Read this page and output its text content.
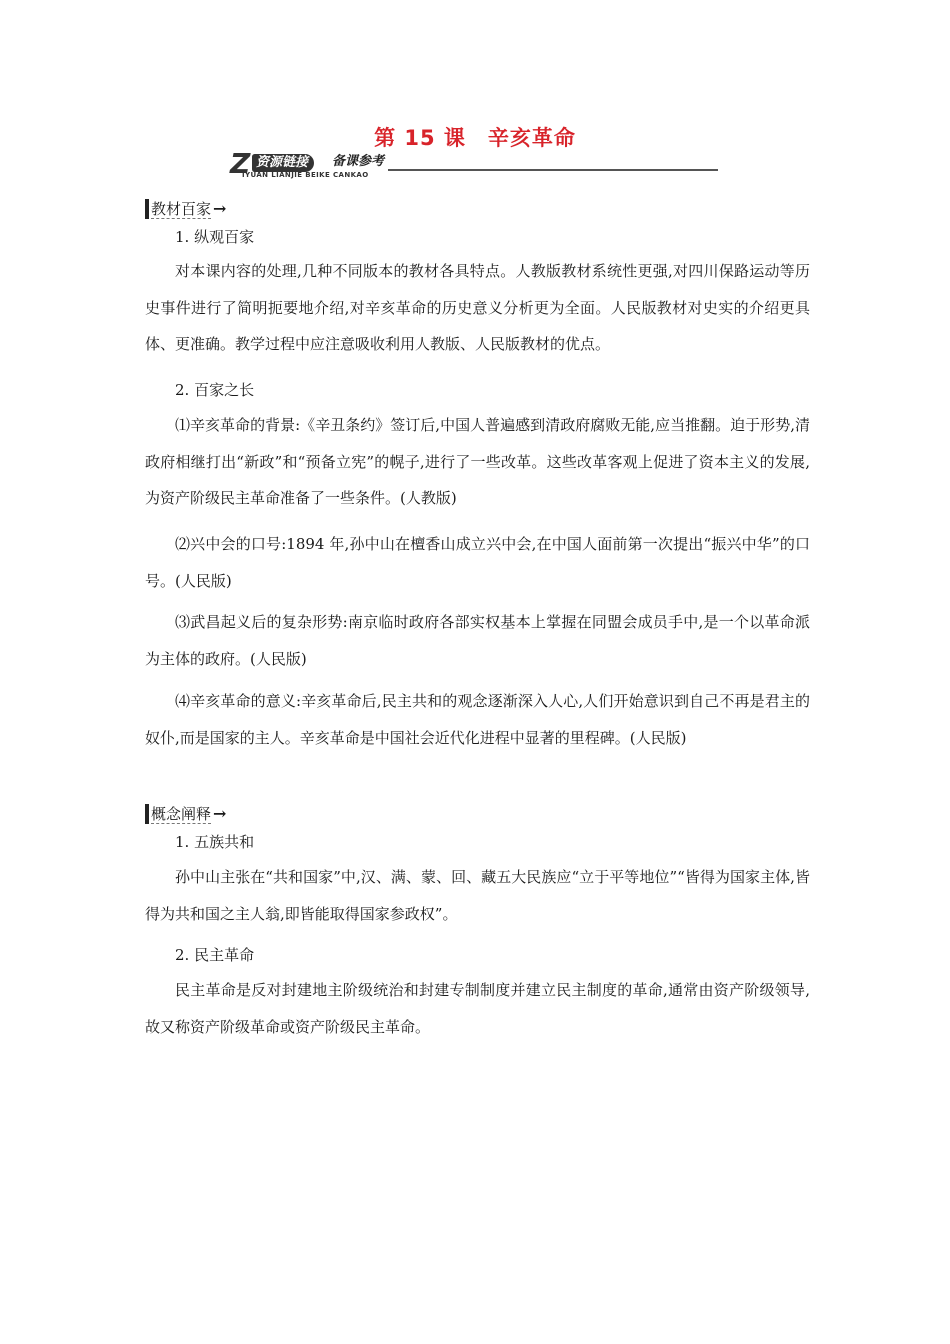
第 15 课　辛亥革命
Z 资源链接	备课参考
IYUAN LIANJIE BEIKE CANKAO
教材百家 →
1. 纵观百家
对本课内容的处理,几种不同版本的教材各具特点。人教版教材系统性更强,对四川保路运动等历史事件进行了简明扼要地介绍,对辛亥革命的历史意义分析更为全面。人民版教材对史实的介绍更具体、更准确。教学过程中应注意吸收利用人教版、人民版教材的优点。
2. 百家之长
⑴辛亥革命的背景:《辛丑条约》签订后,中国人普遍感到清政府腐败无能,应当推翻。迫于形势,清政府相继打出“新政”和“预备立宪”的幌子,进行了一些改革。这些改革客观上促进了资本主义的发展,为资产阶级民主革命准备了一些条件。(人教版)
⑵兴中会的口号:1894 年,孙中山在檀香山成立兴中会,在中国人面前第一次提出“振兴中华”的口号。(人民版)
⑶武昌起义后的复杂形势:南京临时政府各部实权基本上掌握在同盟会成员手中,是一个以革命派为主体的政府。(人民版)
⑷辛亥革命的意义:辛亥革命后,民主共和的观念逐渐深入人心,人们开始意识到自己不再是君主的奴仆,而是国家的主人。辛亥革命是中国社会近代化进程中显著的里程碑。(人民版)
概念阐释 →
1. 五族共和
孙中山主张在“共和国家”中,汉、满、蒙、回、藏五大民族应“立于平等地位”“皆得为国家主体,皆得为共和国之主人翁,即皆能取得国家参政权”。
2. 民主革命
民主革命是反对封建地主阶级统治和封建专制制度并建立民主制度的革命,通常由资产阶级领导,故又称资产阶级革命或资产阶级民主革命。
